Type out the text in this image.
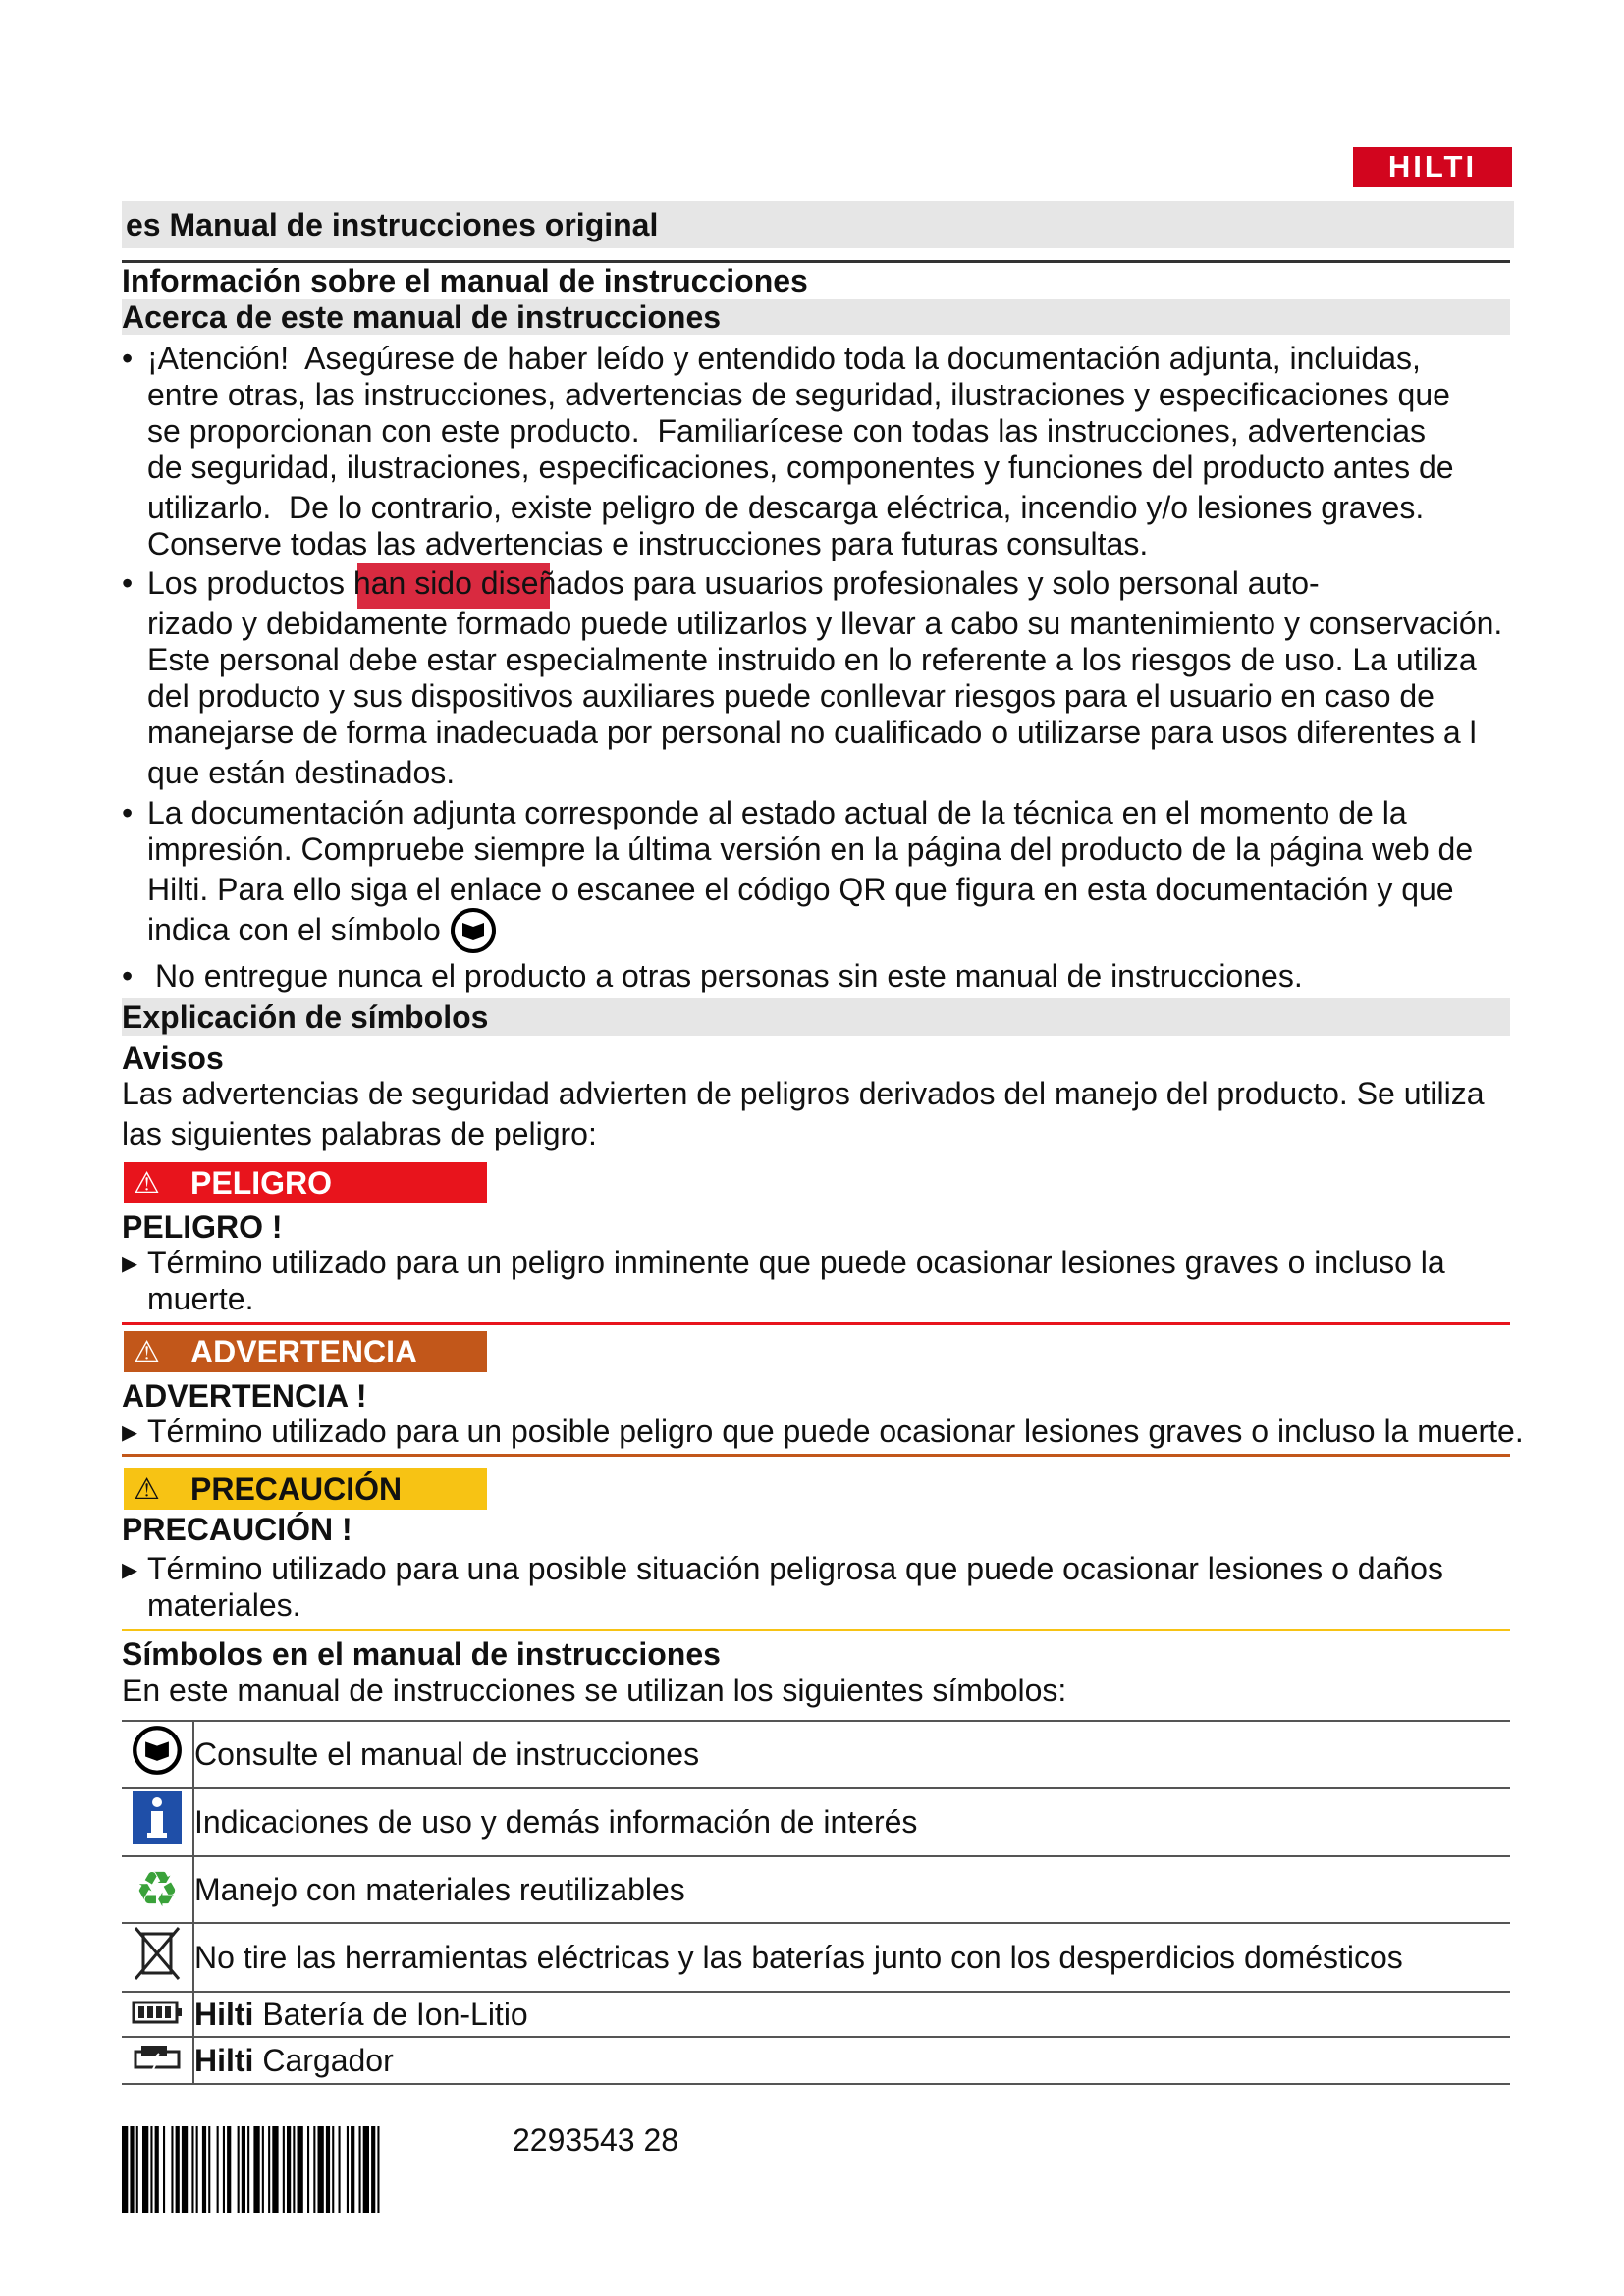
HILTI
es Manual de instrucciones original
Información sobre el manual de instrucciones
Acerca de este manual de instrucciones
• ¡Atención!  Asegúrese de haber leído y entendido toda la documentación adjunta, incluidas,
entre otras, las instrucciones, advertencias de seguridad, ilustraciones y especificaciones que
se proporcionan con este producto.  Familiarícese con todas las instrucciones, advertencias
de seguridad, ilustraciones, especificaciones, componentes y funciones del producto antes de
utilizarlo.  De lo contrario, existe peligro de descarga eléctrica, incendio y/o lesiones graves.
Conserve todas las advertencias e instrucciones para futuras consultas.
• Los productos han sido diseñados para usuarios profesionales y solo personal auto-
rizado y debidamente formado puede utilizarlos y llevar a cabo su mantenimiento y conservación.
Este personal debe estar especialmente instruido en lo referente a los riesgos de uso. La utiliza
del producto y sus dispositivos auxiliares puede conllevar riesgos para el usuario en caso de
manejarse de forma inadecuada por personal no cualificado o utilizarse para usos diferentes a l
que están destinados.
• La documentación adjunta corresponde al estado actual de la técnica en el momento de la
impresión. Compruebe siempre la última versión en la página del producto de la página web de
Hilti. Para ello siga el enlace o escanee el código QR que figura en esta documentación y que
indica con el símbolo
• No entregue nunca el producto a otras personas sin este manual de instrucciones.
Explicación de símbolos
Avisos
Las advertencias de seguridad advierten de peligros derivados del manejo del producto. Se utiliza
las siguientes palabras de peligro:
⚠ PELIGRO
PELIGRO !
▸ Término utilizado para un peligro inminente que puede ocasionar lesiones graves o incluso la
muerte.
⚠ ADVERTENCIA
ADVERTENCIA !
▸ Término utilizado para un posible peligro que puede ocasionar lesiones graves o incluso la muerte.
⚠ PRECAUCIÓN
PRECAUCIÓN !
▸ Término utilizado para una posible situación peligrosa que puede ocasionar lesiones o daños
materiales.
Símbolos en el manual de instrucciones
En este manual de instrucciones se utilizan los siguientes símbolos:
	Consulte el manual de instrucciones
	Indicaciones de uso y demás información de interés
♻	Manejo con materiales reutilizables
	No tire las herramientas eléctricas y las baterías junto con los desperdicios domésticos
	Hilti Batería de Ion-Litio
	Hilti Cargador
2293543 28
